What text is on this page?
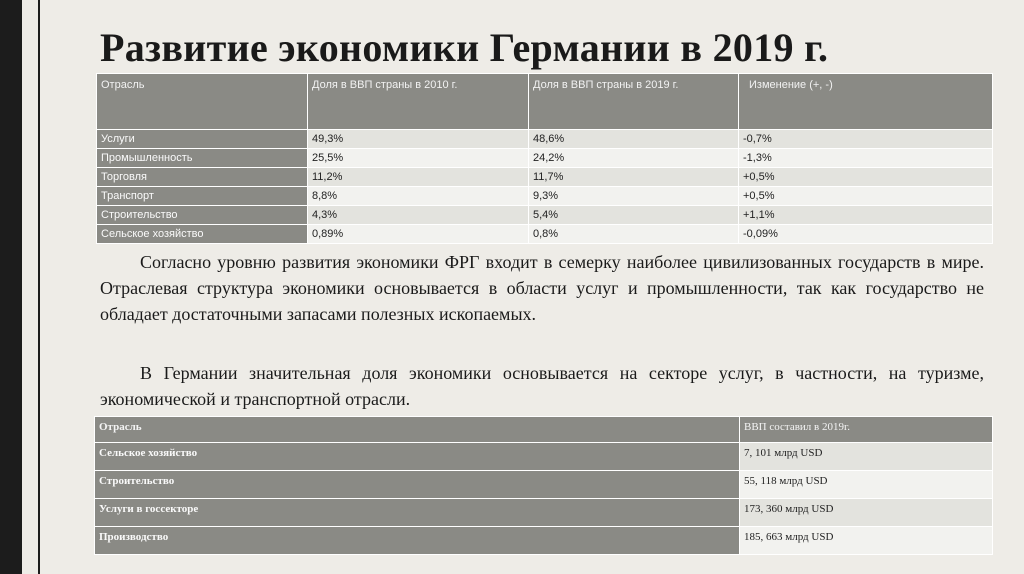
Развитие экономики Германии в 2019 г.
Отрасль	Доля в ВВП страны в 2010 г.	Доля в ВВП страны в 2019 г.	Изменение (+, -)
Услуги	49,3%	48,6%	-0,7%
Промышленность	25,5%	24,2%	-1,3%
Торговля	11,2%	11,7%	+0,5%
Транспорт	8,8%	9,3%	+0,5%
Строительство	4,3%	5,4%	+1,1%
Сельское хозяйство	0,89%	0,8%	-0,09%
Согласно уровню развития экономики ФРГ входит в семерку наиболее цивилизованных государств в мире. Отраслевая структура экономики основывается в области услуг и промышленности, так как государство не обладает достаточными запасами полезных ископаемых.
В Германии значительная доля экономики основывается на секторе услуг, в частности, на туризме, экономической и транспортной отрасли.
Отрасль	ВВП составил в 2019г.
Сельское хозяйство	7, 101 млрд USD
Строительство	55, 118 млрд USD
Услуги в госсекторе	173, 360 млрд USD
Производство	185, 663 млрд USD
